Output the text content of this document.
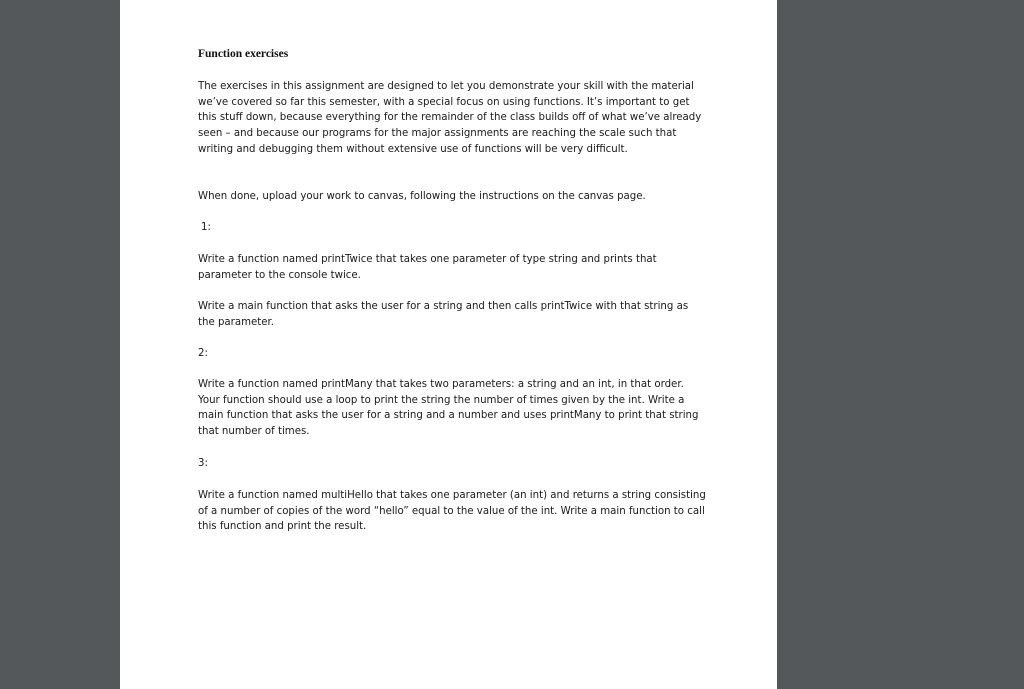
Function exercises

The exercises in this assignment are designed to let you demonstrate your skill with the material we’ve covered so far this semester, with a special focus on using functions. It’s important to get this stuff down, because everything for the remainder of the class builds off of what we’ve already seen – and because our programs for the major assignments are reaching the scale such that writing and debugging them without extensive use of functions will be very difficult.

When done, upload your work to canvas, following the instructions on the canvas page.

1:

Write a function named printTwice that takes one parameter of type string and prints that parameter to the console twice.

Write a main function that asks the user for a string and then calls printTwice with that string as the parameter.

2:

Write a function named printMany that takes two parameters: a string and an int, in that order. Your function should use a loop to print the string the number of times given by the int. Write a main function that asks the user for a string and a number and uses printMany to print that string that number of times.

3:

Write a function named multiHello that takes one parameter (an int) and returns a string consisting of a number of copies of the word “hello” equal to the value of the int. Write a main function to call this function and print the result.
